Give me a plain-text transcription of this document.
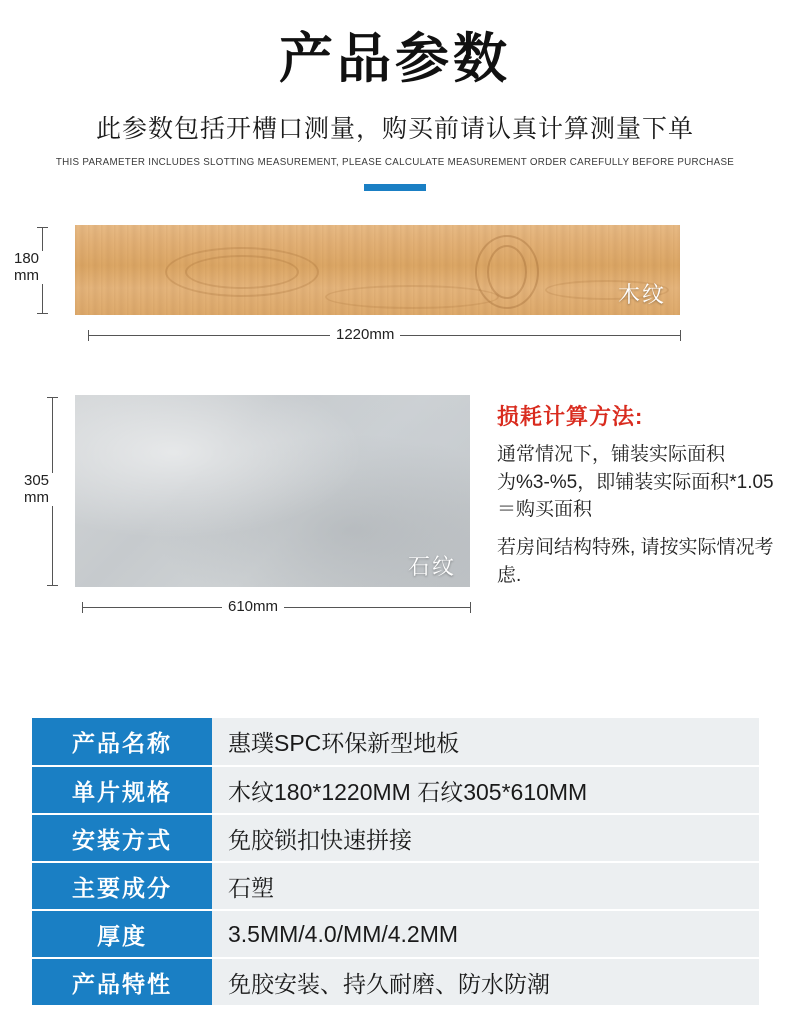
产品参数
此参数包括开槽口测量，购买前请认真计算测量下单
THIS PARAMETER INCLUDES SLOTTING MEASUREMENT, PLEASE CALCULATE MEASUREMENT ORDER CAREFULLY BEFORE PURCHASE
木纹
180
mm
1220mm
石纹
305
mm
610mm
损耗计算方法:

通常情况下，铺装实际面积为%3-%5，即铺装实际面积*1.05＝购买面积

若房间结构特殊, 请按实际情况考虑.

产品名称	惠璞SPC环保新型地板
单片规格	木纹180*1220MM 石纹305*610MM
安装方式	免胶锁扣快速拼接
主要成分	石塑
厚度	3.5MM/4.0/MM/4.2MM
产品特性	免胶安装、持久耐磨、防水防潮
